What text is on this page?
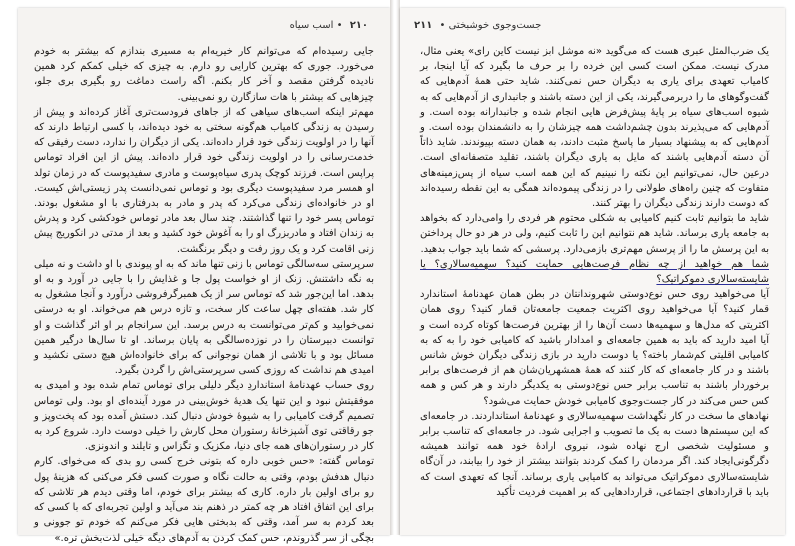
۲۱۰ • اسب سیاه

جایی رسیده‌ام که می‌توانم کار خیریه‌ام به مسیری بندازم که بیشتر به خودم می‌خورد. جوری که بهترین کارایی رو دارم. به چیزی که خیلی کمکم کرد همین نادیده گرفتن مقصد و آخر کار بکنم. اگه راست دماغت رو بگیری بری جلو، چیزهایی که بیشتر با هات سازگارن رو نمی‌بینی.

مهم‌تر اینکه اسب‌های سیاهی که از جاهای فرودست‌تری آغاز کرده‌اند و پیش از رسیدن به زندگی کامیاب هم‌گونه سختی به خود دیده‌اند، با کسی ارتباط دارند که آنها را در اولویت زندگی خود قرار داده‌اند. یکی از دیگران را ندارد، دست رفیقی که خدمت‌رسانی را در اولویت زندگی خود قرار داده‌اند. پیش از این افراد توماس پراپس است. فرزند کوچک پدری سیاه‌پوست و مادری سفیدپوست که در زمان تولد او همسر مرد سفیدپوست دیگری بود و توماس نمی‌دانست پدر زیستی‌اش کیست. او در خانواده‌ای زندگی می‌کرد که پدر و مادر به بدرفتاری با او مشغول بودند. توماس پسر خود را تنها گذاشتند. چند سال بعد مادر توماس خودکشی کرد و پدرش به زندان افتاد و مادربزرگ او را به آغوش خود کشید و بعد از مدتی در انکوریج پیش زنی اقامت کرد و یک روز رفت و دیگر برنگشت.

سرپرستی سه‌سالگی توماس با زنی تنها ماند که به او پیوندی با او داشت و نه میلی به نگه داشتنش. زنک از او خواست پول جا و غذایش را با جایی در آورد و به او بدهد. اما این‌جور شد که توماس سر از یک همبرگرفروشی درآورد و آنجا مشغول به کار شد. هفته‌ای چهل ساعت کار سخت، و تازه درس هم می‌خواند. او به درستی نمی‌خوابید و کم‌تر می‌توانست به درس برسد. این سرانجام بر او اثر گذاشت و او توانست دبیرستان را در نوزده‌سالگی به پایان برساند. او تا سال‌ها درگیر همین مسائل بود و با تلاشی از همان نوجوانی که برای خانواده‌اش هیچ دستی نکشید و امیدی هم نداشت که روزی کسی سرپرستی‌اش را گردن بگیرد.

روی حساب عهدنامهٔ استانداردِ دیگر دلیلی برای توماس تمام شده بود و امیدی به موفقیتش نبود و این تنها یک هدیهٔ خوش‌بینی در مورد آینده‌ای او بود. ولی توماس تصمیم گرفت کامیابی را به شیوهٔ خودش دنبال کند. دستش آمده بود که پخت‌وپز و جو رقاقتی توی آشپزخانهٔ رستوران محل کارش را خیلی دوست دارد. شروع کرد به کار در رستوران‌های همه جای دنیا، مکزیک و تگزاس و تایلند و اندونزی.

توماس گفته: «حس خوبی داره که بتونی خرج کسی رو بدی که می‌خوای. کارم دنبال هدفش بودم، وقتی به حالت نگاه و صورت کسی فکر می‌کنی که هزینهٔ پول رو برای اولین بار داره. کاری که بیشتر برای خودم، اما وقتی دیدم هر تلاشی که برای این اتفاق افتاد هر چه کمتر در ذهنم بند می‌آید و اولین تجربه‌ای که با کسی که بعد کردم به سر آمد، وقتی که بدبختی هایی فکر می‌کنم که خودم تو جوونی و بچگی از سر گذروندم، حس کمک کردن به آدم‌های دیگه خیلی لذت‌بخش تره.»

جست‌وجوی خوشبختی • ۲۱۱

یک ضرب‌المثل عبری هست که می‌گوید «نه موشل ابز نیست کاین رای» یعنی مثال، مدرک نیست. ممکن است کسی این خرده را بر حرف ما بگیرد که آیا اینجا، بر کامیاب تعهدی برای یاری به دیگران حس نمی‌کنند. شاید حتی همهٔ آدم‌هایی که گفت‌وگوهای ما را دربرمی‌گیرند، یکی از این دسته باشند و جانبداری از آدم‌هایی که به شیوه اسب‌های سیاه بر پایهٔ پیش‌فرض هایی انجام شده و جانبدارانه بوده است. و آدم‌هایی که می‌پذیرند بدون چشم‌داشت همه چیزشان را به دانشمندان بوده است. و آدم‌هایی که به پیشنهاد بسیار ما پاسخ مثبت دادند، به همان دسته بپیوندند. شاید ذاتاً آن دسته آدم‌هایی باشند که مایل به یاری دیگران باشند، تقلید متصفانه‌ای است. درعین حال، نمی‌توانیم این نکته را نبینیم که این همه اسب سیاه از پس‌زمینه‌های متفاوت که چنین راه‌های طولانی را در زندگی پیموده‌اند همگی به این نقطه رسیده‌اند که دوست دارند زندگی دیگران را بهتر کنند.

شاید ما بتوانیم ثابت کنیم کامیابی به شکلی محتوم هر فردی را وامی‌دارد که بخواهد به جامعه یاری برساند. شاید هم نتوانیم این را ثابت کنیم، ولی در هر دو حال پرداختن به این پرسش ما را از پرسش مهم‌تری بازمی‌دارد. پرسشی که شما باید جواب بدهید.

شما هم خواهید از چه نظام فرصت‌هایی حمایت کنید؟ سهمیه‌سالاری؟ یا شایسته‌سالاری دموکراتیک؟

آیا می‌خواهید روی حس نوع‌دوستی شهروندانتان در بطن همان عهدنامهٔ استاندارد قمار کنید؟ آیا می‌خواهید روی اکثریت جمعیت جامعه‌تان قمار کنید؟ روی همان اکثریتی که مدل‌ها و سهمیه‌ها دست آن‌ها را از بهترین فرصت‌ها کوتاه کرده است و آیا امید دارید که باید به همین جامعه‌ای و امدادار باشید که کامیابی خود را به که به کامیابی اقلیتی کم‌شمار باخته؟ یا دوست دارید در بازی زندگی دیگران خوش شانس باشند و در کار جامعه‌ای که کار کنند که همهٔ همشهریان‌شان هم از فرصت‌های برابر برخوردار باشند به تناسب برابر حس نوع‌دوستی به یکدیگر دارند و هر کس و همه کس حس می‌کند در کار جست‌وجوی کامیابی خودش حمایت می‌شود؟

نهادهای ما سخت در کار نگهداشت سهمیه‌سالاری و عهدنامهٔ استانداردند. در جامعه‌ای که این سیستم‌ها دست به یک ما تصویب و اجرایی شود. در جامعه‌ای که تناسب برابر و مسئولیت شخصی ارج نهاده شود، نیروی ارادهٔ خود همه توانند همیشه دگرگونی‌ایجاد کند. اگر مردمان را کمک کردند بتوانند بیشتر از خود را بیابند، در آن‌گاه شایسته‌سالاری دموکراتیک می‌تواند به کامیابی یاری برساند. آنجا که تعهدی است که باید با قراردادهای اجتماعی، قراردادهایی که بر اهمیت فردیت تأکید
